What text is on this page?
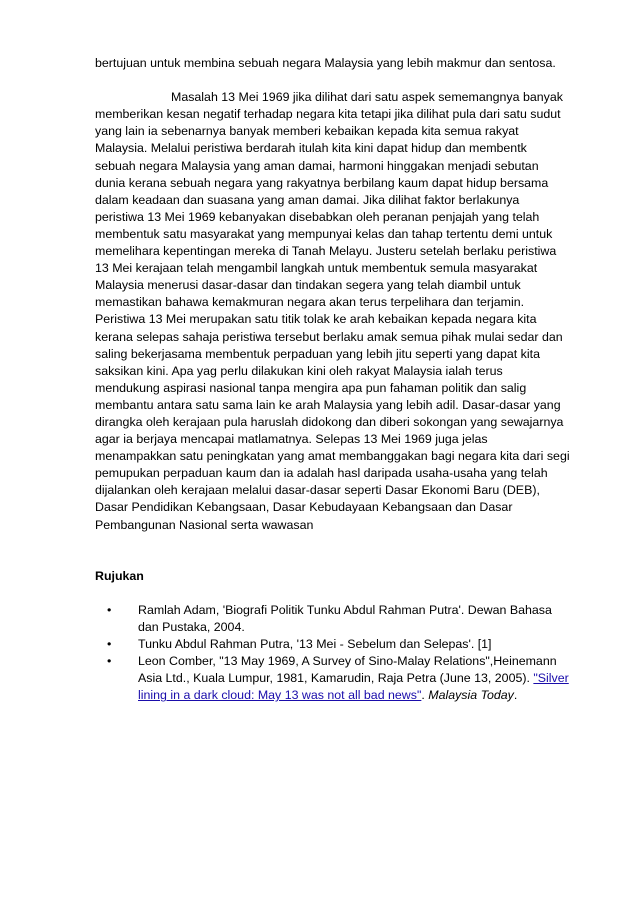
bertujuan untuk membina sebuah negara Malaysia yang lebih makmur dan sentosa.
Masalah 13 Mei 1969 jika dilihat dari satu aspek sememangnya banyak
memberikan kesan negatif terhadap negara kita tetapi jika dilihat pula dari satu sudut
yang lain ia sebenarnya banyak memberi kebaikan kepada kita semua rakyat
Malaysia. Melalui peristiwa berdarah itulah kita kini dapat hidup dan membentk
sebuah negara Malaysia yang aman damai, harmoni hinggakan menjadi sebutan
dunia kerana sebuah negara yang rakyatnya berbilang kaum dapat hidup bersama
dalam keadaan dan suasana yang aman damai. Jika dilihat faktor berlakunya
peristiwa 13 Mei 1969 kebanyakan disebabkan oleh peranan penjajah yang telah
membentuk satu masyarakat yang mempunyai kelas dan tahap tertentu demi untuk
memelihara kepentingan mereka di Tanah Melayu. Justeru setelah berlaku peristiwa
13 Mei kerajaan telah mengambil langkah untuk membentuk semula masyarakat
Malaysia menerusi dasar-dasar dan tindakan segera yang telah diambil untuk
memastikan bahawa kemakmuran negara akan terus terpelihara dan terjamin.
Peristiwa 13 Mei merupakan satu titik tolak ke arah kebaikan kepada negara kita
kerana selepas sahaja peristiwa tersebut berlaku amak semua pihak mulai sedar dan
saling bekerjasama membentuk perpaduan yang lebih jitu seperti yang dapat kita
saksikan kini. Apa yag perlu dilakukan kini oleh rakyat Malaysia ialah terus
mendukung aspirasi nasional tanpa mengira apa pun fahaman politik dan salig
membantu antara satu sama lain ke arah Malaysia yang lebih adil. Dasar-dasar yang
dirangka oleh kerajaan pula haruslah didokong dan diberi sokongan yang sewajarnya
agar ia berjaya mencapai matlamatnya. Selepas 13 Mei 1969 juga jelas
menampakkan satu peningkatan yang amat membanggakan bagi negara kita dari segi
pemupukan perpaduan kaum dan ia adalah hasl daripada usaha-usaha yang telah
dijalankan oleh kerajaan melalui dasar-dasar seperti Dasar Ekonomi Baru (DEB),
Dasar Pendidikan Kebangsaan, Dasar Kebudayaan Kebangsaan dan Dasar
Pembangunan Nasional serta wawasan
Rujukan
• Ramlah Adam, 'Biografi Politik Tunku Abdul Rahman Putra'. Dewan Bahasa
dan Pustaka, 2004.
• Tunku Abdul Rahman Putra, '13 Mei - Sebelum dan Selepas'. [1]
• Leon Comber, "13 May 1969, A Survey of Sino-Malay Relations",Heinemann
Asia Ltd., Kuala Lumpur, 1981, Kamarudin, Raja Petra (June 13, 2005). "Silver
lining in a dark cloud: May 13 was not all bad news". Malaysia Today.
